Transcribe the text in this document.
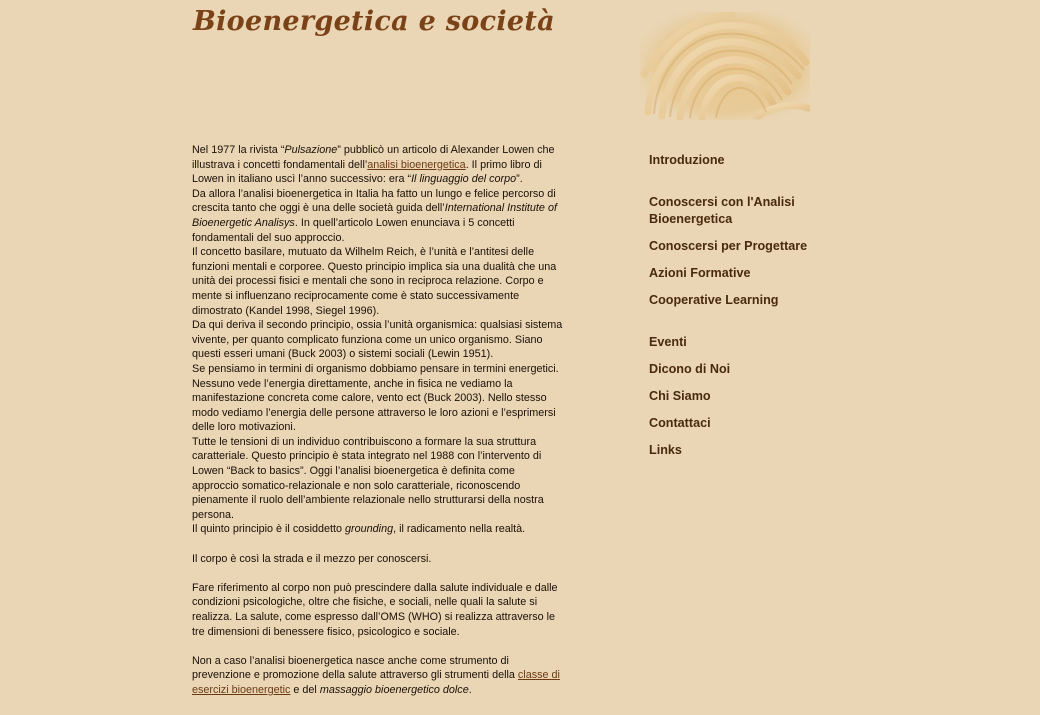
Bioenergetica e società

Nel 1977 la rivista “Pulsazione” pubblicò un articolo di Alexander Lowen che illustrava i concetti fondamentali dell’analisi bioenergetica. Il primo libro di Lowen in italiano uscì l’anno successivo: era “Il linguaggio del corpo”.

Da allora l’analisi bioenergetica in Italia ha fatto un lungo e felice percorso di crescita tanto che oggi è una delle società guida dell’International Institute of Bioenergetic Analisys. In quell’articolo Lowen enunciava i 5 concetti fondamentali del suo approccio.

Il concetto basilare, mutuato da Wilhelm Reich, è l’unità e l’antitesi delle funzioni mentali e corporee. Questo principio implica sia una dualità che una unità dei processi fisici e mentali che sono in reciproca relazione. Corpo e mente si influenzano reciprocamente come è stato successivamente dimostrato (Kandel 1998, Siegel 1996).

Da qui deriva il secondo principio, ossia l’unità organismica: qualsiasi sistema vivente, per quanto complicato funziona come un unico organismo. Siano questi esseri umani (Buck 2003) o sistemi sociali (Lewin 1951).

Se pensiamo in termini di organismo dobbiamo pensare in termini energetici. Nessuno vede l’energia direttamente, anche in fisica ne vediamo la manifestazione concreta come calore, vento ect (Buck 2003). Nello stesso modo vediamo l’energia delle persone attraverso le loro azioni e l’esprimersi delle loro motivazioni.

Tutte le tensioni di un individuo contribuiscono a formare la sua struttura caratteriale. Questo principio è stata integrato nel 1988 con l’intervento di Lowen “Back to basics”. Oggi l’analisi bioenergetica è definita come approccio somatico-relazionale e non solo caratteriale, riconoscendo pienamente il ruolo dell’ambiente relazionale nello strutturarsi della nostra persona.

Il quinto principio è il cosiddetto grounding, il radicamento nella realtà.

Il corpo è così la strada e il mezzo per conoscersi.

Fare riferimento al corpo non può prescindere dalla salute individuale e dalle condizioni psicologiche, oltre che fisiche, e sociali, nelle quali la salute si realizza. La salute, come espresso dall’OMS (WHO) si realizza attraverso le tre dimensioni di benessere fisico, psicologico e sociale.

Non a caso l’analisi bioenergetica nasce anche come strumento di prevenzione e promozione della salute attraverso gli strumenti della classe di esercizi bioenergetic e del massaggio bioenergetico dolce.

Introduzione
Conoscersi con l'Analisi Bioenergetica
Conoscersi per Progettare
Azioni Formative
Cooperative Learning
Eventi
Dicono di Noi
Chi Siamo
Contattaci
Links
